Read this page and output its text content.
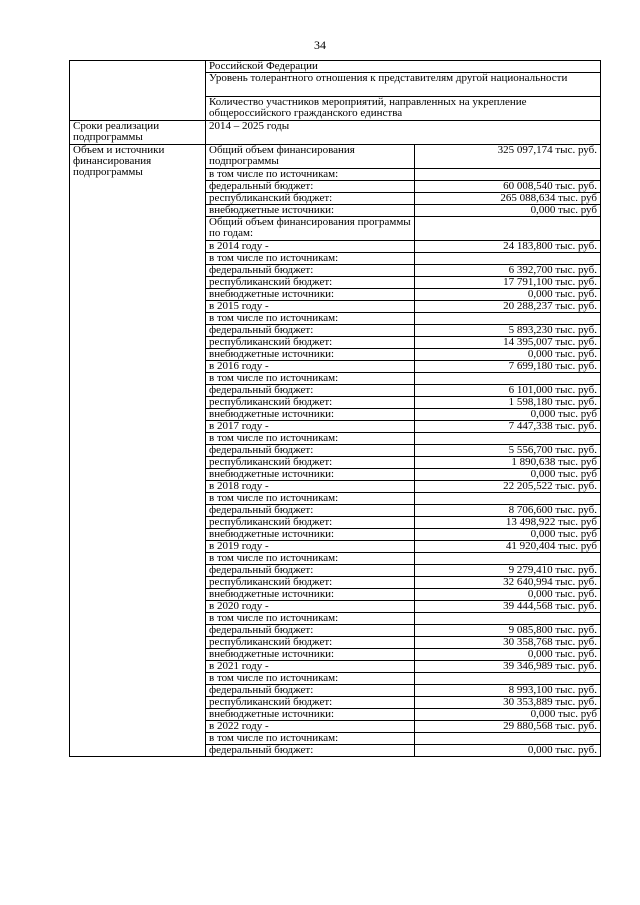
34
	Российской Федерации	
	Уровень толерантного отношения к представителям другой национальности	
	Количество участников мероприятий, направленных на укрепление общероссийского гражданского единства	
Сроки реализации подпрограммы	2014 – 2025 годы	
Объем и источники финансирования подпрограммы	Общий объем финансирования подпрограммы	325 097,174 тыс. руб.
	в том числе по источникам:	
	федеральный бюджет:	60 008,540 тыс. руб.
	республиканский бюджет:	265 088,634 тыс. руб
	внебюджетные источники:	0,000 тыс. руб
	Общий объем финансирования программы по годам:	
	в 2014 году -	24 183,800 тыс. руб.
	в том числе по источникам:	
	федеральный бюджет:	6 392,700 тыс. руб.
	республиканский бюджет:	17 791,100 тыс. руб.
	внебюджетные источники:	0,000 тыс. руб.
	в 2015 году -	20 288,237 тыс. руб.
	в том числе по источникам:	
	федеральный бюджет:	5 893,230 тыс. руб.
	республиканский бюджет:	14 395,007 тыс. руб.
	внебюджетные источники:	0,000 тыс. руб.
	в 2016 году -	7 699,180 тыс. руб.
	в том числе по источникам:	
	федеральный бюджет:	6 101,000 тыс. руб.
	республиканский бюджет:	1 598,180 тыс. руб.
	внебюджетные источники:	0,000 тыс. руб
	в 2017 году -	7 447,338 тыс. руб.
	в том числе по источникам:	
	федеральный бюджет:	5 556,700 тыс. руб.
	республиканский бюджет:	1 890,638 тыс. руб
	внебюджетные источники:	0,000 тыс. руб
	в 2018 году -	22 205,522 тыс. руб.
	в том числе по источникам:	
	федеральный бюджет:	8 706,600 тыс. руб.
	республиканский бюджет:	13 498,922 тыс. руб
	внебюджетные источники:	0,000 тыс. руб
	в 2019 году -	41 920,404 тыс. руб
	в том числе по источникам:	
	федеральный бюджет:	9 279,410 тыс. руб.
	республиканский бюджет:	32 640,994 тыс. руб.
	внебюджетные источники:	0,000 тыс. руб.
	в 2020 году -	39 444,568 тыс. руб.
	в том числе по источникам:	
	федеральный бюджет:	9 085,800 тыс. руб.
	республиканский бюджет:	30 358,768 тыс. руб.
	внебюджетные источники:	0,000 тыс. руб.
	в 2021 году -	39 346,989 тыс. руб.
	в том числе по источникам:	
	федеральный бюджет:	8 993,100 тыс. руб.
	республиканский бюджет:	30 353,889 тыс. руб.
	внебюджетные источники:	0,000 тыс. руб
	в 2022 году -	29 880,568 тыс. руб.
	в том числе по источникам:	
	федеральный бюджет:	0,000 тыс. руб.
